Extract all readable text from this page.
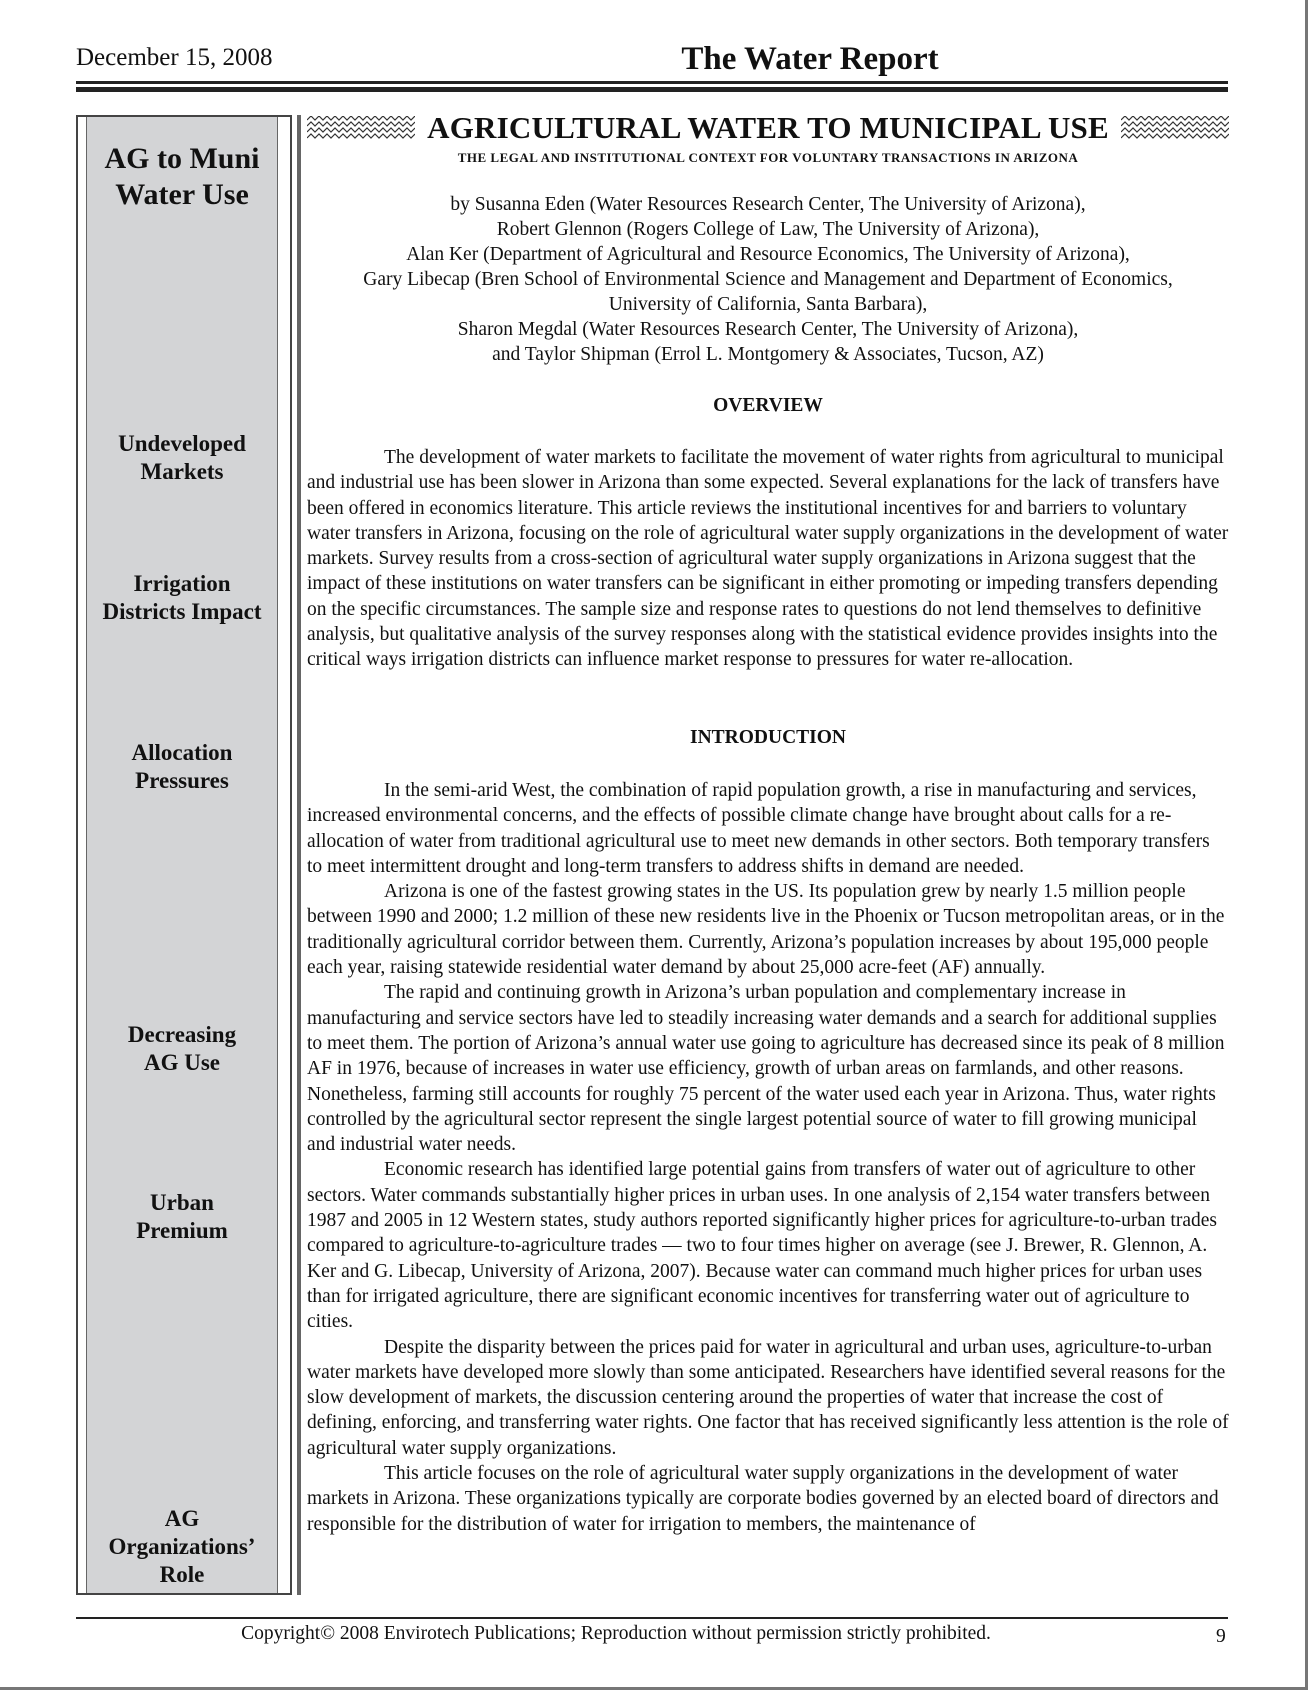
December 15, 2008	The Water Report
AG to Muni
Water Use
Undeveloped
Markets
Irrigation
Districts Impact
Allocation
Pressures
Decreasing
AG Use
Urban
Premium
AG
Organizations’
Role
AGRICULTURAL WATER TO MUNICIPAL USE
THE LEGAL AND INSTITUTIONAL CONTEXT FOR VOLUNTARY TRANSACTIONS IN ARIZONA
by Susanna Eden (Water Resources Research Center, The University of Arizona),
Robert Glennon (Rogers College of Law, The University of Arizona),
Alan Ker (Department of Agricultural and Resource Economics, The University of Arizona),
Gary Libecap (Bren School of Environmental Science and Management and Department of Economics,
University of California, Santa Barbara),
Sharon Megdal (Water Resources Research Center, The University of Arizona),
and Taylor Shipman (Errol L. Montgomery & Associates, Tucson, AZ)
OVERVIEW

The development of water markets to facilitate the movement of water rights from agricultural to municipal and industrial use has been slower in Arizona than some expected. Several explanations for the lack of transfers have been offered in economics literature. This article reviews the institutional incentives for and barriers to voluntary water transfers in Arizona, focusing on the role of agricultural water supply organizations in the development of water markets. Survey results from a cross-section of agricultural water supply organizations in Arizona suggest that the impact of these institutions on water transfers can be significant in either promoting or impeding transfers depending on the specific circumstances. The sample size and response rates to questions do not lend themselves to definitive analysis, but qualitative analysis of the survey responses along with the statistical evidence provides insights into the critical ways irrigation districts can influence market response to pressures for water re-allocation.

INTRODUCTION

In the semi-arid West, the combination of rapid population growth, a rise in manufacturing and services, increased environmental concerns, and the effects of possible climate change have brought about calls for a re-allocation of water from traditional agricultural use to meet new demands in other sectors. Both temporary transfers to meet intermittent drought and long-term transfers to address shifts in demand are needed.

Arizona is one of the fastest growing states in the US. Its population grew by nearly 1.5 million people between 1990 and 2000; 1.2 million of these new residents live in the Phoenix or Tucson metropolitan areas, or in the traditionally agricultural corridor between them. Currently, Arizona’s population increases by about 195,000 people each year, raising statewide residential water demand by about 25,000 acre-feet (AF) annually.

The rapid and continuing growth in Arizona’s urban population and complementary increase in manufacturing and service sectors have led to steadily increasing water demands and a search for additional supplies to meet them. The portion of Arizona’s annual water use going to agriculture has decreased since its peak of 8 million AF in 1976, because of increases in water use efficiency, growth of urban areas on farmlands, and other reasons. Nonetheless, farming still accounts for roughly 75 percent of the water used each year in Arizona. Thus, water rights controlled by the agricultural sector represent the single largest potential source of water to fill growing municipal and industrial water needs.

Economic research has identified large potential gains from transfers of water out of agriculture to other sectors. Water commands substantially higher prices in urban uses. In one analysis of 2,154 water transfers between 1987 and 2005 in 12 Western states, study authors reported significantly higher prices for agriculture-to-urban trades compared to agriculture-to-agriculture trades — two to four times higher on average (see J. Brewer, R. Glennon, A. Ker and G. Libecap, University of Arizona, 2007). Because water can command much higher prices for urban uses than for irrigated agriculture, there are significant economic incentives for transferring water out of agriculture to cities.

Despite the disparity between the prices paid for water in agricultural and urban uses, agriculture-to-urban water markets have developed more slowly than some anticipated. Researchers have identified several reasons for the slow development of markets, the discussion centering around the properties of water that increase the cost of defining, enforcing, and transferring water rights. One factor that has received significantly less attention is the role of agricultural water supply organizations.

This article focuses on the role of agricultural water supply organizations in the development of water markets in Arizona. These organizations typically are corporate bodies governed by an elected board of directors and responsible for the distribution of water for irrigation to members, the maintenance of

Copyright© 2008 Envirotech Publications; Reproduction without permission strictly prohibited.	9
